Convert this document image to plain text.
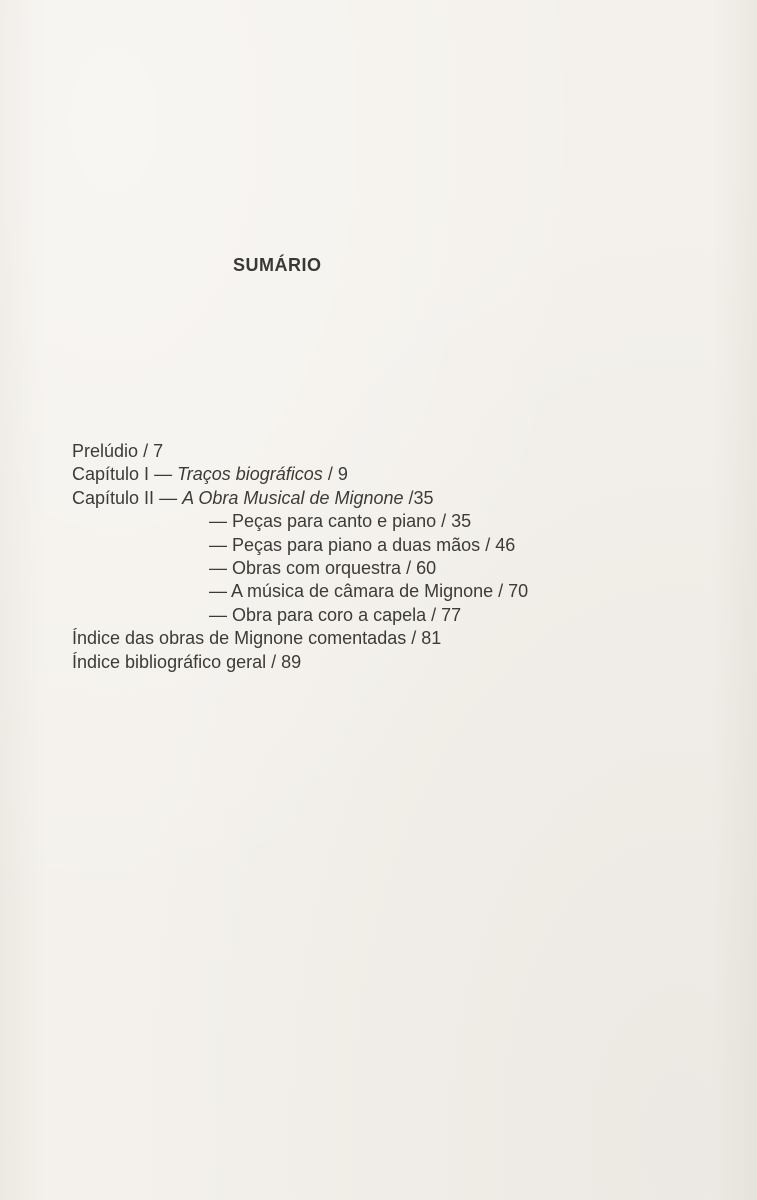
SUMÁRIO
Prelúdio / 7
Capítulo I — Traços biográficos / 9
Capítulo II — A Obra Musical de Mignone /35
— Peças para canto e piano / 35
— Peças para piano a duas mãos / 46
— Obras com orquestra / 60
— A música de câmara de Mignone / 70
— Obra para coro a capela / 77
Índice das obras de Mignone comentadas / 81
Índice bibliográfico geral / 89
